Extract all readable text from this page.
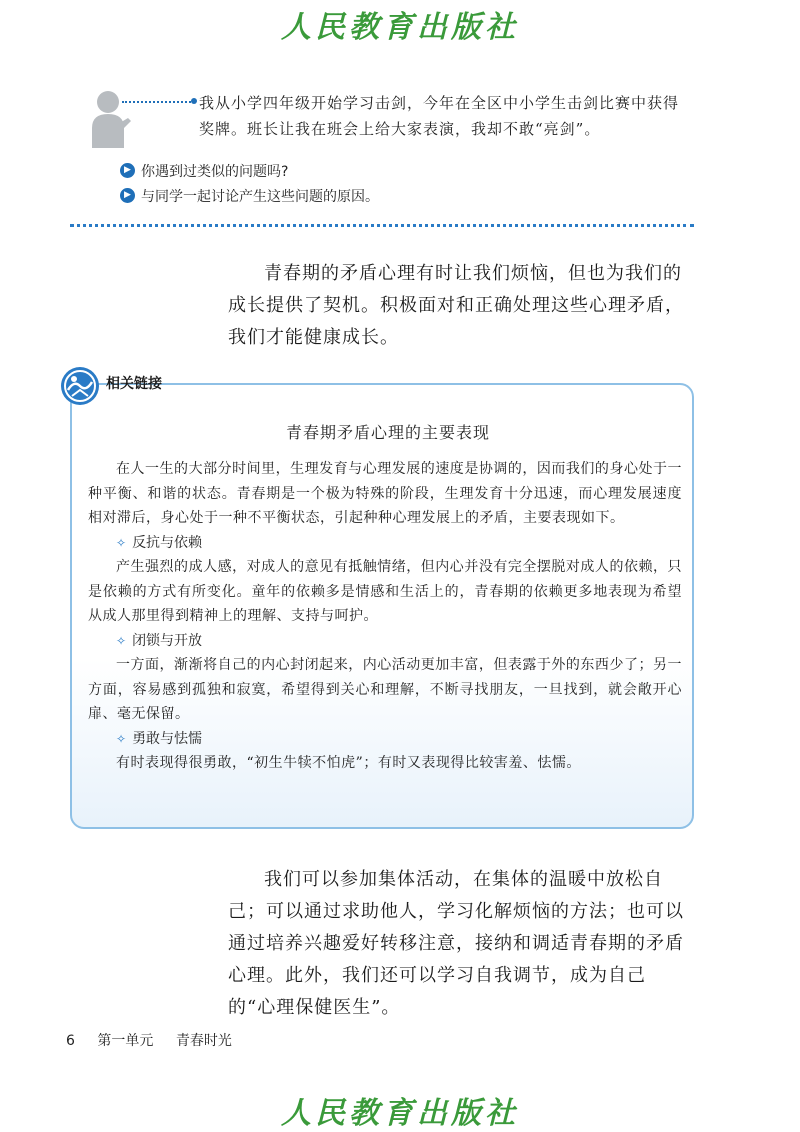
人民教育出版社
我从小学四年级开始学习击剑，今年在全区中小学生击剑比赛中获得奖牌。班长让我在班会上给大家表演，我却不敢“亮剑”。
▶ 你遇到过类似的问题吗?
▶ 与同学一起讨论产生这些问题的原因。
青春期的矛盾心理有时让我们烦恼，但也为我们的成长提供了契机。积极面对和正确处理这些心理矛盾，我们才能健康成长。
相关链接
青春期矛盾心理的主要表现
在人一生的大部分时间里，生理发育与心理发展的速度是协调的，因而我们的身心处于一种平衡、和谐的状态。青春期是一个极为特殊的阶段，生理发育十分迅速，而心理发展速度相对滞后，身心处于一种不平衡状态，引起种种心理发展上的矛盾，主要表现如下。
✧ 反抗与依赖
产生强烈的成人感，对成人的意见有抵触情绪，但内心并没有完全摆脱对成人的依赖，只是依赖的方式有所变化。童年的依赖多是情感和生活上的，青春期的依赖更多地表现为希望从成人那里得到精神上的理解、支持与呵护。
✧ 闭锁与开放
一方面，渐渐将自己的内心封闭起来，内心活动更加丰富，但表露于外的东西少了；另一方面，容易感到孤独和寂寞，希望得到关心和理解，不断寻找朋友，一旦找到，就会敞开心扉、毫无保留。
✧ 勇敢与怯懦
有时表现得很勇敢，“初生牛犊不怕虎”；有时又表现得比较害羞、怯懦。
我们可以参加集体活动，在集体的温暖中放松自己；可以通过求助他人，学习化解烦恼的方法；也可以通过培养兴趣爱好转移注意，接纳和调适青春期的矛盾心理。此外，我们还可以学习自我调节，成为自己的“心理保健医生”。
6 第一单元 青春时光
人民教育出版社
